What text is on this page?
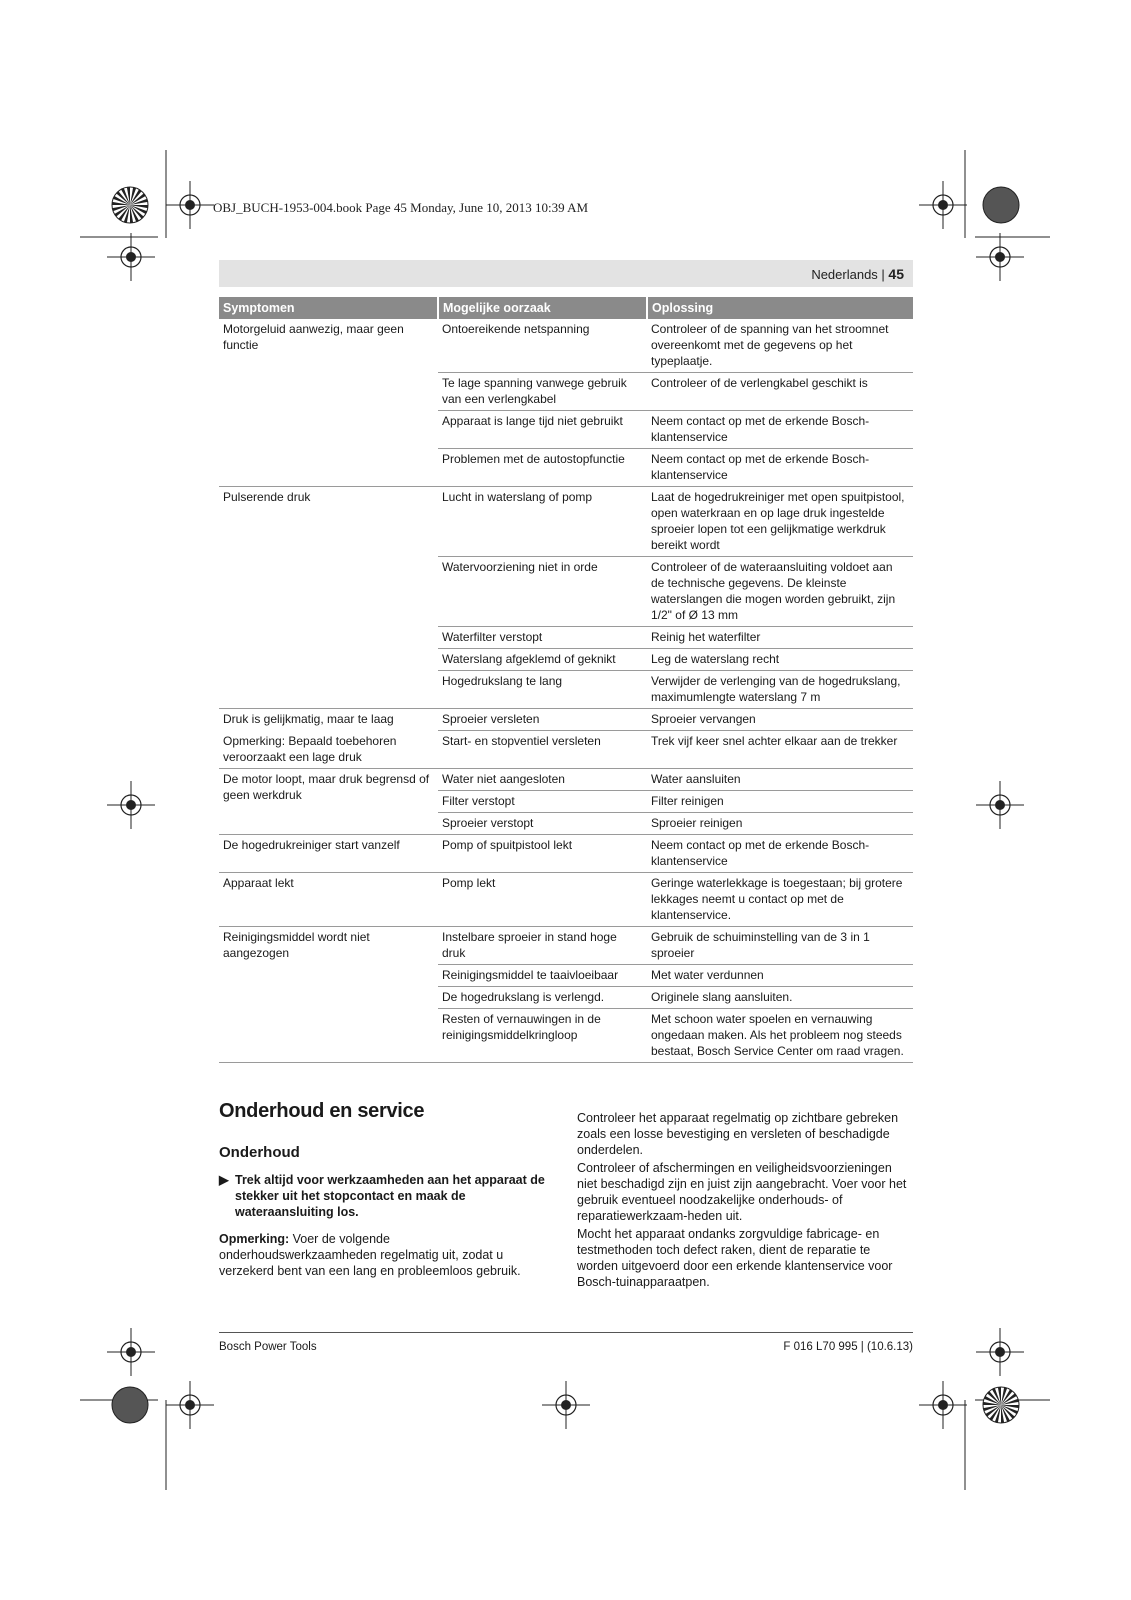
OBJ_BUCH-1953-004.book Page 45 Monday, June 10, 2013 10:39 AM
Nederlands | 45
Symptomen	Mogelijke oorzaak	Oplossing
Motorgeluid aanwezig, maar geen functie	Ontoereikende netspanning	Controleer of de spanning van het stroomnet overeenkomt met de gegevens op het typeplaatje.
	Te lage spanning vanwege gebruik van een verlengkabel	Controleer of de verlengkabel geschikt is
	Apparaat is lange tijd niet gebruikt	Neem contact op met de erkende Bosch-klantenservice
	Problemen met de autostopfunctie	Neem contact op met de erkende Bosch-klantenservice
Pulserende druk	Lucht in waterslang of pomp	Laat de hogedrukreiniger met open spuitpistool, open waterkraan en op lage druk ingestelde sproeier lopen tot een gelijkmatige werkdruk bereikt wordt
	Watervoorziening niet in orde	Controleer of de wateraansluiting voldoet aan de technische gegevens. De kleinste waterslangen die mogen worden gebruikt, zijn 1/2" of Ø 13 mm
	Waterfilter verstopt	Reinig het waterfilter
	Waterslang afgeklemd of geknikt	Leg de waterslang recht
	Hogedrukslang te lang	Verwijder de verlenging van de hogedrukslang, maximumlengte waterslang 7 m
Druk is gelijkmatig, maar te laag	Sproeier versleten	Sproeier vervangen
Opmerking: Bepaald toebehoren veroorzaakt een lage druk	Start- en stopventiel versleten	Trek vijf keer snel achter elkaar aan de trekker
De motor loopt, maar druk begrensd of geen werkdruk	Water niet aangesloten	Water aansluiten
	Filter verstopt	Filter reinigen
	Sproeier verstopt	Sproeier reinigen
De hogedrukreiniger start vanzelf	Pomp of spuitpistool lekt	Neem contact op met de erkende Bosch-klantenservice
Apparaat lekt	Pomp lekt	Geringe waterlekkage is toegestaan; bij grotere lekkages neemt u contact op met de klantenservice.
Reinigingsmiddel wordt niet aangezogen	Instelbare sproeier in stand hoge druk	Gebruik de schuiminstelling van de 3 in 1 sproeier
	Reinigingsmiddel te taaivloeibaar	Met water verdunnen
	De hogedrukslang is verlengd.	Originele slang aansluiten.
	Resten of vernauwingen in de reinigingsmiddelkringloop	Met schoon water spoelen en vernauwing ongedaan maken. Als het probleem nog steeds bestaat, Bosch Service Center om raad vragen.
Onderhoud en service
Onderhoud
▶ Trek altijd voor werkzaamheden aan het apparaat de stekker uit het stopcontact en maak de wateraansluiting los.
Opmerking: Voer de volgende onderhoudswerkzaamheden regelmatig uit, zodat u verzekerd bent van een lang en probleemloos gebruik.

Controleer het apparaat regelmatig op zichtbare gebreken zoals een losse bevestiging en versleten of beschadigde onderdelen.

Controleer of afschermingen en veiligheidsvoorzieningen niet beschadigd zijn en juist zijn aangebracht. Voer voor het gebruik eventueel noodzakelijke onderhouds- of reparatiewerkzaam-heden uit.

Mocht het apparaat ondanks zorgvuldige fabricage- en testmethoden toch defect raken, dient de reparatie te worden uitgevoerd door een erkende klantenservice voor Bosch-tuinapparaatpen.

Bosch Power Tools	F 016 L70 995 | (10.6.13)
